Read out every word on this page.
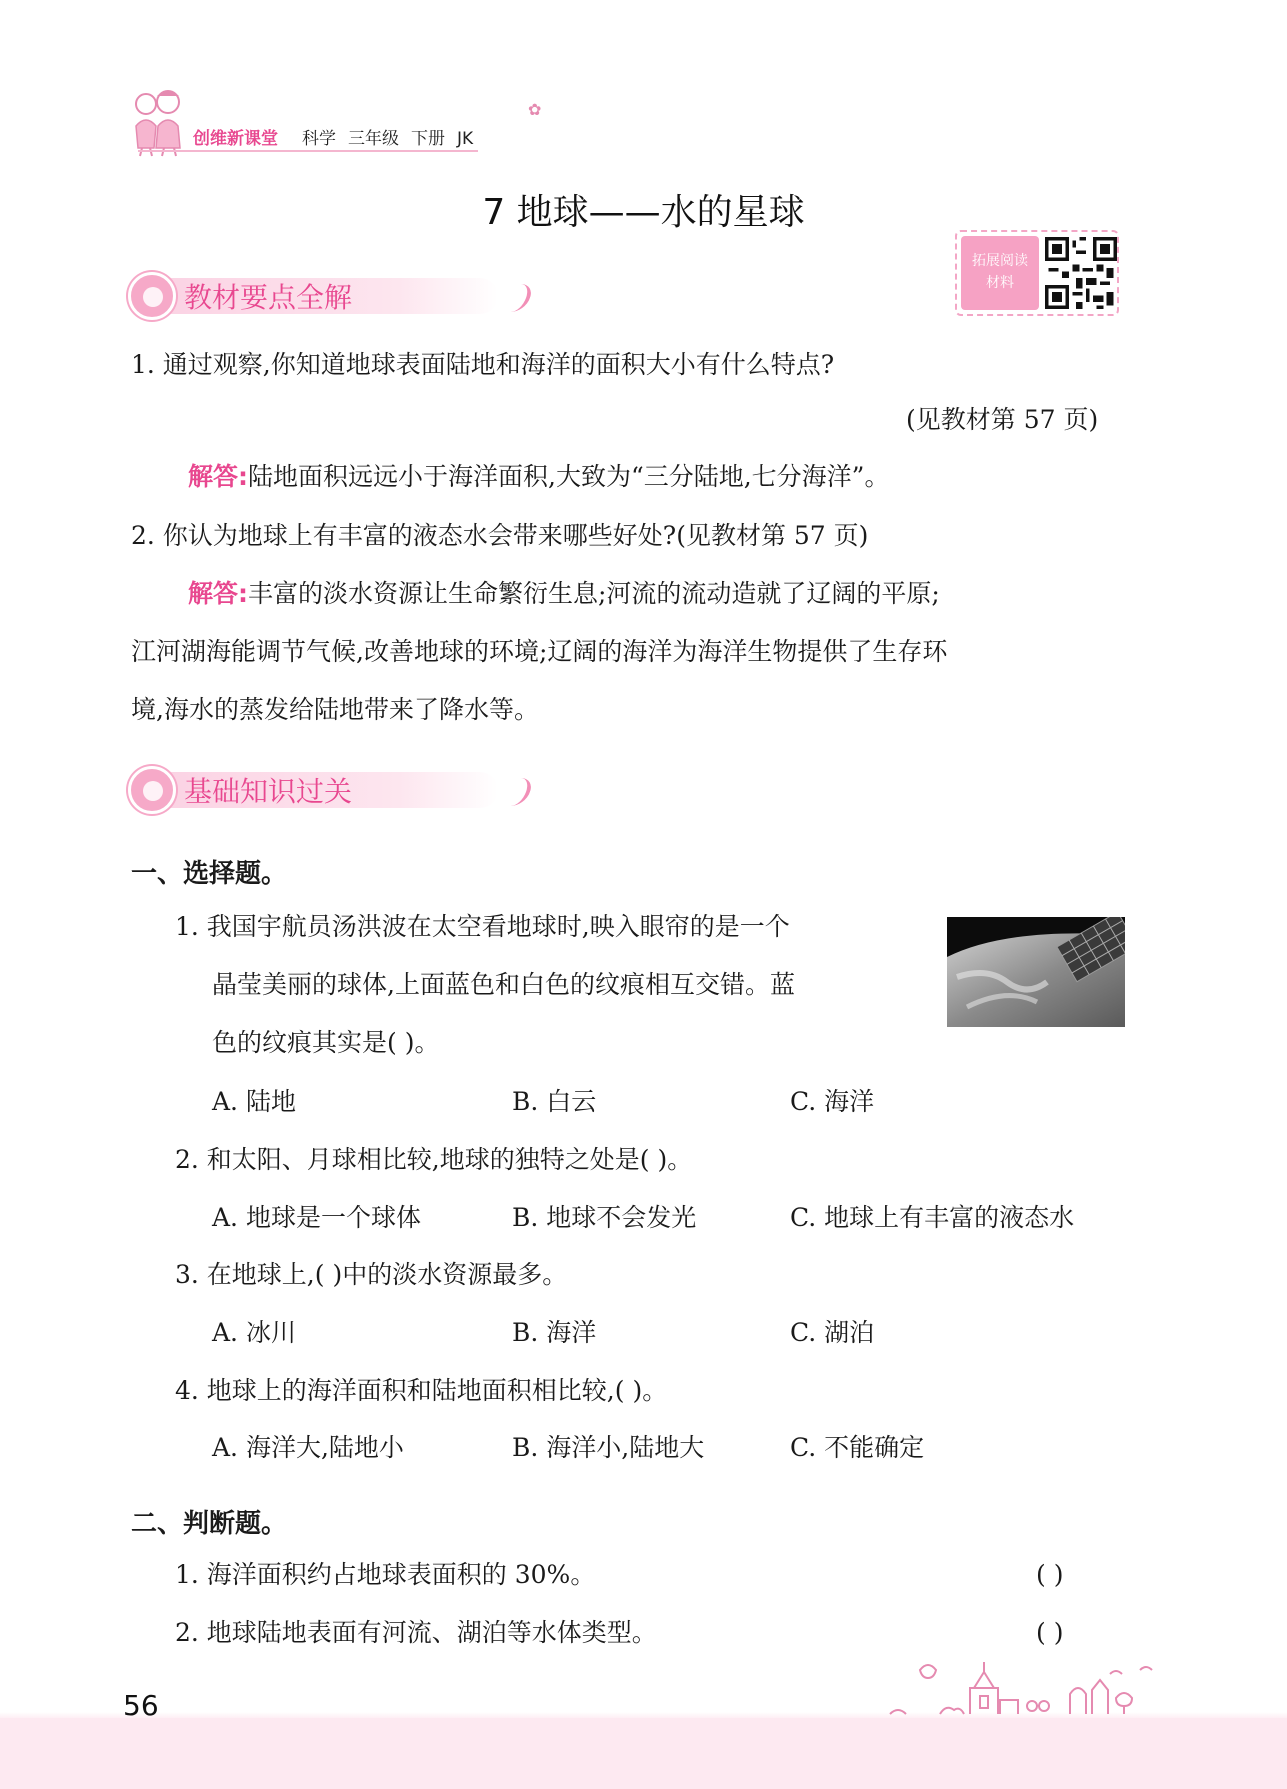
✿
创维新课堂 科学 三年级 下册 JK
7 地球——水的星球
拓展阅读
材料
教材要点全解
1. 通过观察,你知道地球表面陆地和海洋的面积大小有什么特点?
(见教材第 57 页)
解答:陆地面积远远小于海洋面积,大致为“三分陆地,七分海洋”。
2. 你认为地球上有丰富的液态水会带来哪些好处?(见教材第 57 页)
解答:丰富的淡水资源让生命繁衍生息;河流的流动造就了辽阔的平原;
江河湖海能调节气候,改善地球的环境;辽阔的海洋为海洋生物提供了生存环
境,海水的蒸发给陆地带来了降水等。
基础知识过关
一、选择题。
1. 我国宇航员汤洪波在太空看地球时,映入眼帘的是一个
晶莹美丽的球体,上面蓝色和白色的纹痕相互交错。蓝
色的纹痕其实是( )。
A. 陆地	B. 白云	C. 海洋
2. 和太阳、月球相比较,地球的独特之处是( )。
A. 地球是一个球体	B. 地球不会发光	C. 地球上有丰富的液态水
3. 在地球上,( )中的淡水资源最多。
A. 冰川	B. 海洋	C. 湖泊
4. 地球上的海洋面积和陆地面积相比较,( )。
A. 海洋大,陆地小	B. 海洋小,陆地大	C. 不能确定
二、判断题。
1. 海洋面积约占地球表面积的 30%。	( )
2. 地球陆地表面有河流、湖泊等水体类型。	( )
56
